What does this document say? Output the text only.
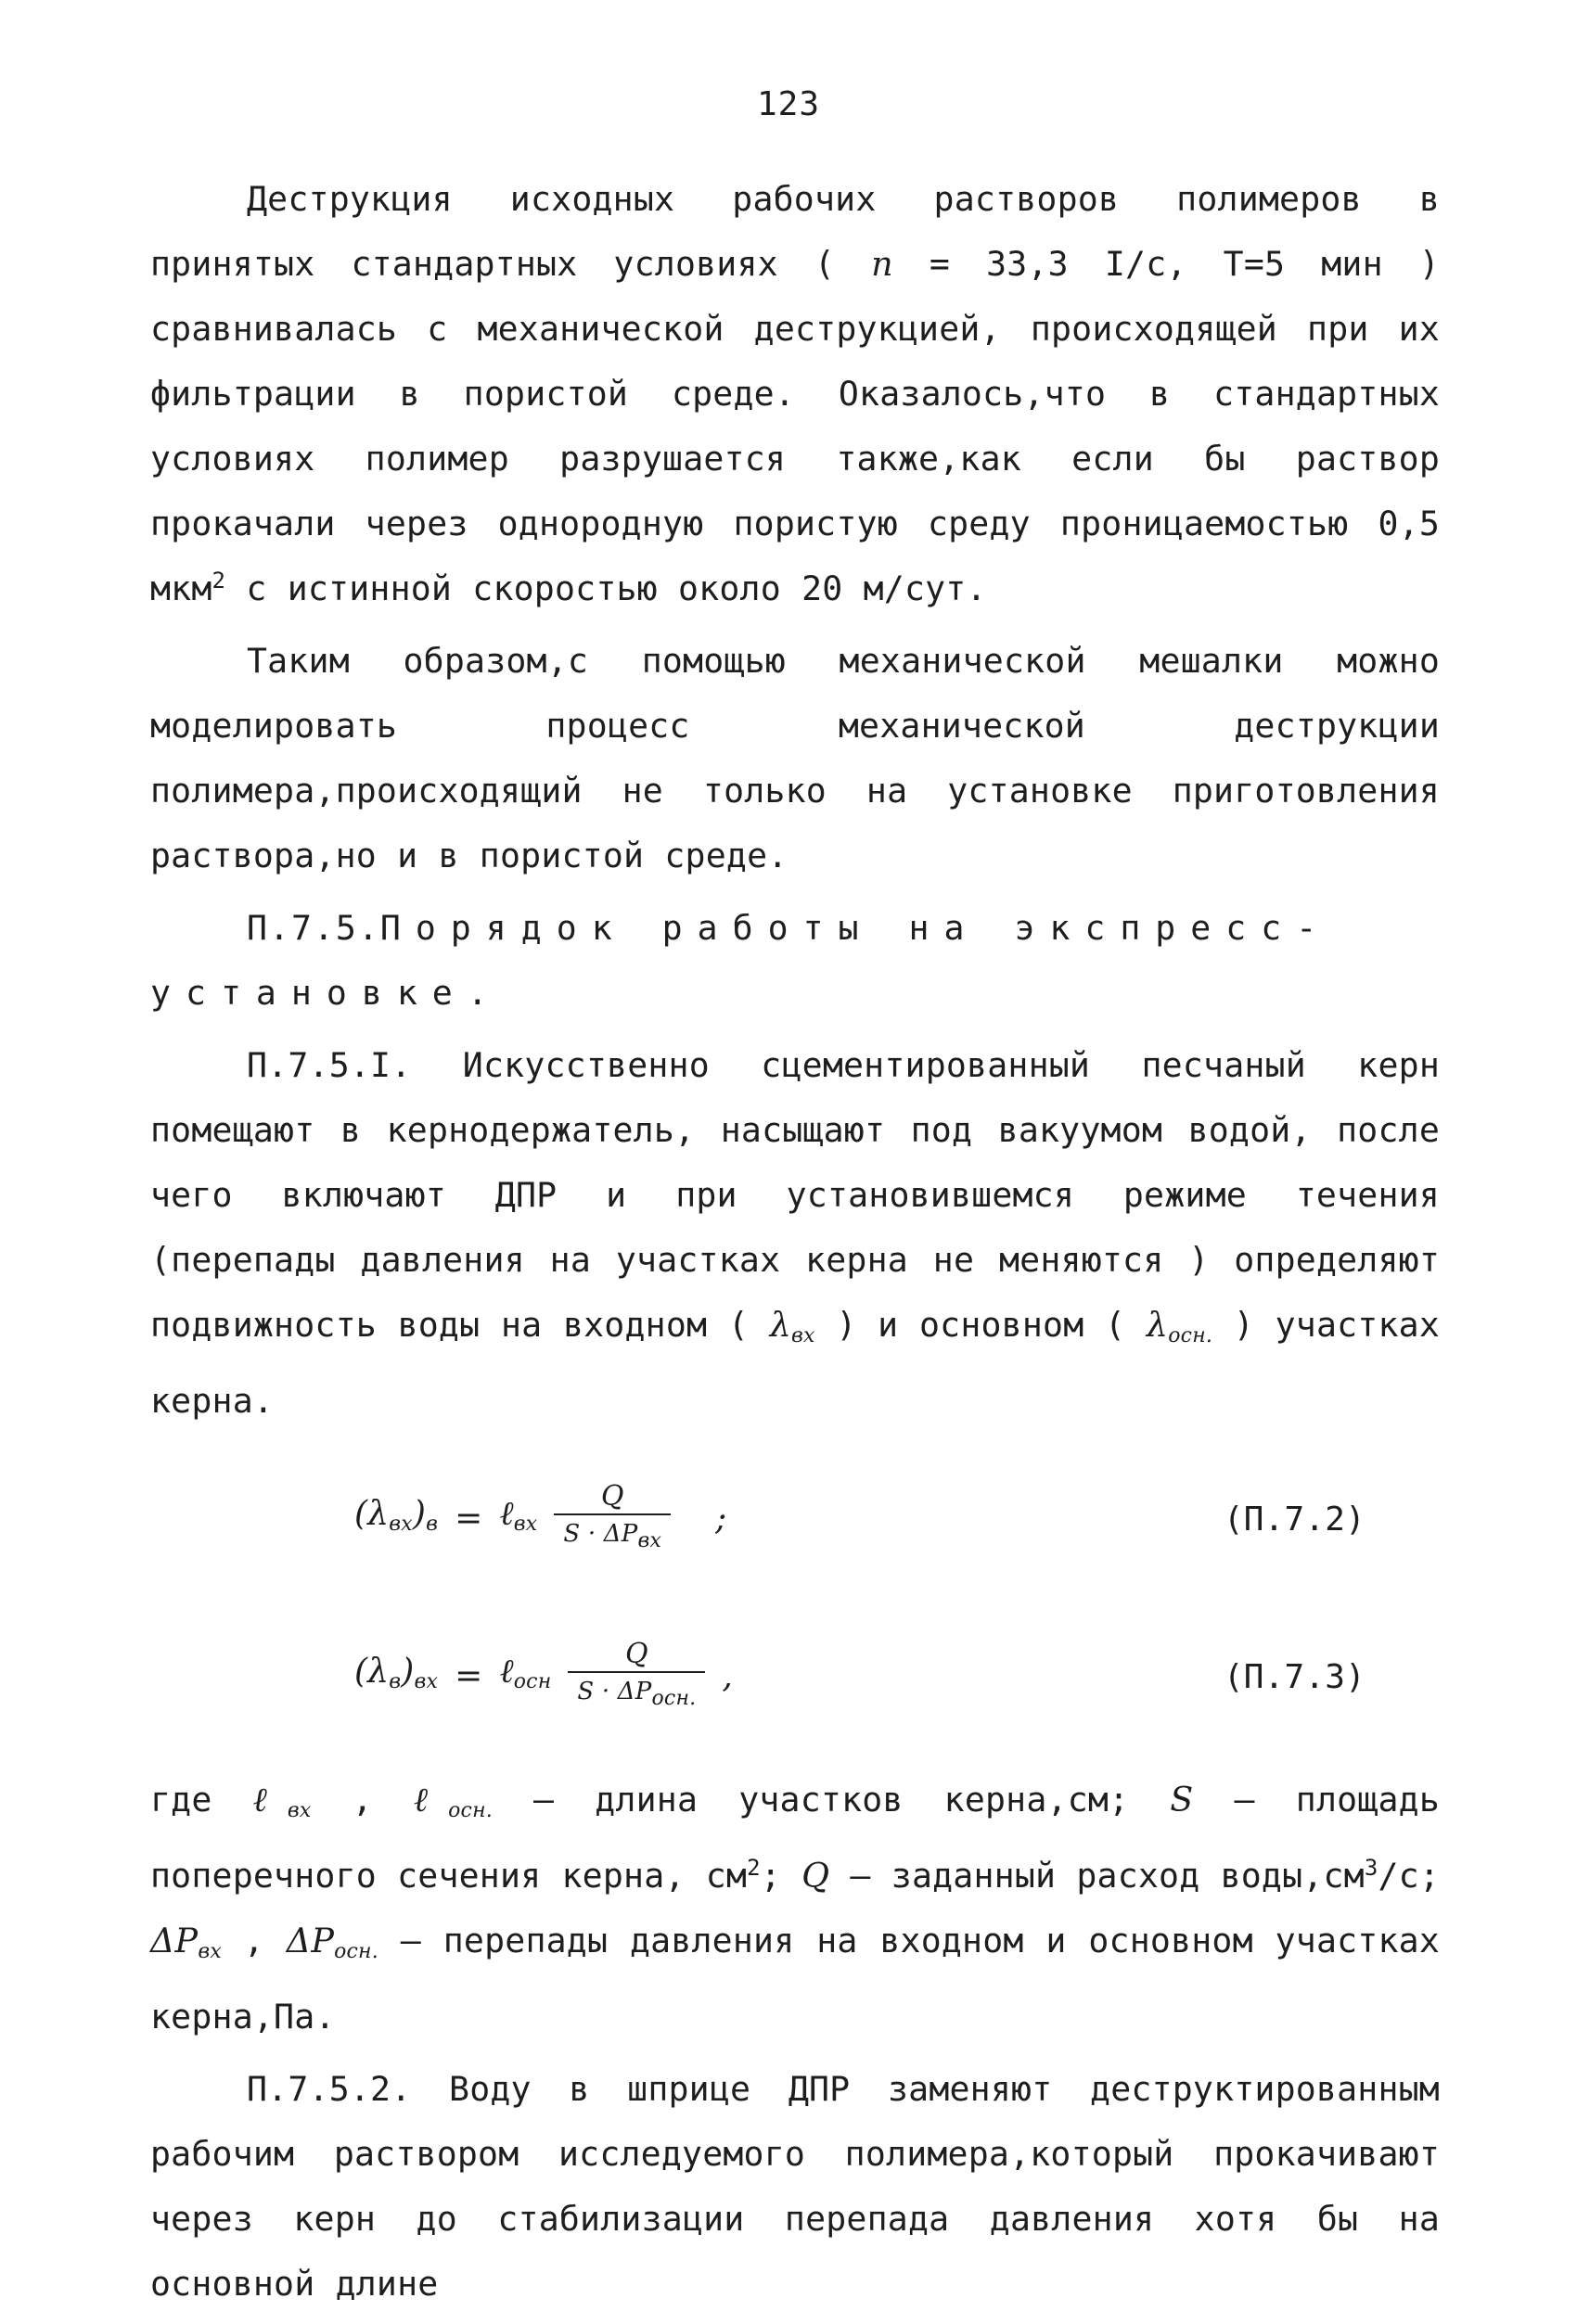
123

Деструкция исходных рабочих растворов полимеров в принятых стандартных условиях ( n = 33,3 I/c, T=5 мин ) сравнивалась с механической деструкцией, происходящей при их фильтрации в пористой среде. Оказалось,что в стандартных условиях полимер разрушается также,как если бы раствор прокачали через однородную пористую среду проницаемостью 0,5 мкм$^2$ с истинной скоростью около 20 м/сут.

Таким образом,с помощью механической мешалки можно моделировать процесс механической деструкции полимера,происходящий не только на установке приготовления раствора,но и в пористой среде.

П.7.5.Порядок работы на экспресс-установке.

П.7.5.I. Искусственно сцементированный песчаный керн помещают в кернодержатель, насыщают под вакуумом водой, после чего включают ДПР и при установившемся режиме течения (перепады давления на участках керна не меняются ) определяют подвижность воды на входном ( $\lambda_{вх}$ ) и основном ( $\lambda_{осн.}$ ) участках керна.

$(\lambda_{вх})_в$ = ℓ$_{вх}$ $\frac{Q}{S \cdot \Delta P_{вх}}$ ;	(П.7.2)
$(\lambda_в)_{вх}$ = ℓ$_{осн}$ $\frac{Q}{S \cdot \Delta P_{осн.}}$ ,	(П.7.3)

где ℓ$_{вх}$ , ℓ$_{осн.}$ – длина участков керна,см; S – площадь поперечного сечения керна, $см^2$; Q – заданный расход $воды,см^3/с$; $\Delta P_{вх}$ , $\Delta P_{осн.}$ – перепады давления на входном и основном участках керна,Па.

П.7.5.2. Воду в шприце ДПР заменяют деструктированным рабочим раствором исследуемого полимера,который прокачивают через керн до стабилизации перепада давления хотя бы на основной длине
